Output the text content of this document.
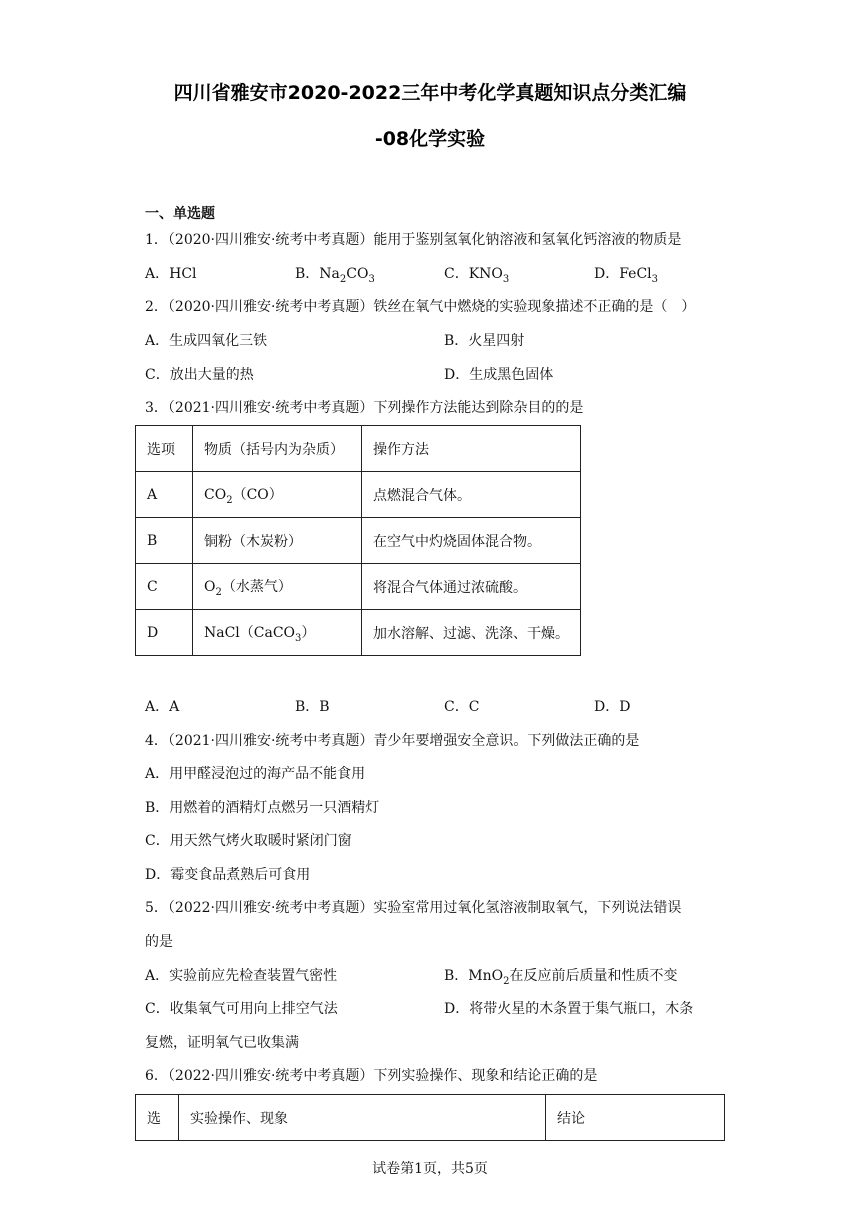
四川省雅安市2020-2022三年中考化学真题知识点分类汇编
-08化学实验
一、单选题
1．（2020·四川雅安·统考中考真题）能用于鉴别氢氧化钠溶液和氢氧化钙溶液的物质是
A．HCl	B．$Na_2CO_3$	C．$KNO_3$	D．FeCl$_3$
2．（2020·四川雅安·统考中考真题）铁丝在氧气中燃烧的实验现象描述不正确的是（　）
A．生成四氧化三铁	B．火星四射
C．放出大量的热	D．生成黑色固体
3．（2021·四川雅安·统考中考真题）下列操作方法能达到除杂目的的是
选项	物质（括号内为杂质）	操作方法
A	$CO_2(CO)$	点燃混合气体。
B	铜粉（木炭粉）	在空气中灼烧固体混合物。
C	$O_2$（水蒸气）	将混合气体通过浓硫酸。
D	NaCl（CaCO$_3$）	加水溶解、过滤、洗涤、干燥。
A．A	B．B	C．C	D．D
4．（2021·四川雅安·统考中考真题）青少年要增强安全意识。下列做法正确的是
A．用甲醛浸泡过的海产品不能食用
B．用燃着的酒精灯点燃另一只酒精灯
C．用天然气烤火取暖时紧闭门窗
D．霉变食品煮熟后可食用
5．（2022·四川雅安·统考中考真题）实验室常用过氧化氢溶液制取氧气，下列说法错误
的是
A．实验前应先检查装置气密性	B．MnO$_2$在反应前后质量和性质不变
C．收集氧气可用向上排空气法	D．将带火星的木条置于集气瓶口，木条
复燃，证明氧气已收集满
6．（2022·四川雅安·统考中考真题）下列实验操作、现象和结论正确的是
选	实验操作、现象	结论
试卷第1页，共5页
